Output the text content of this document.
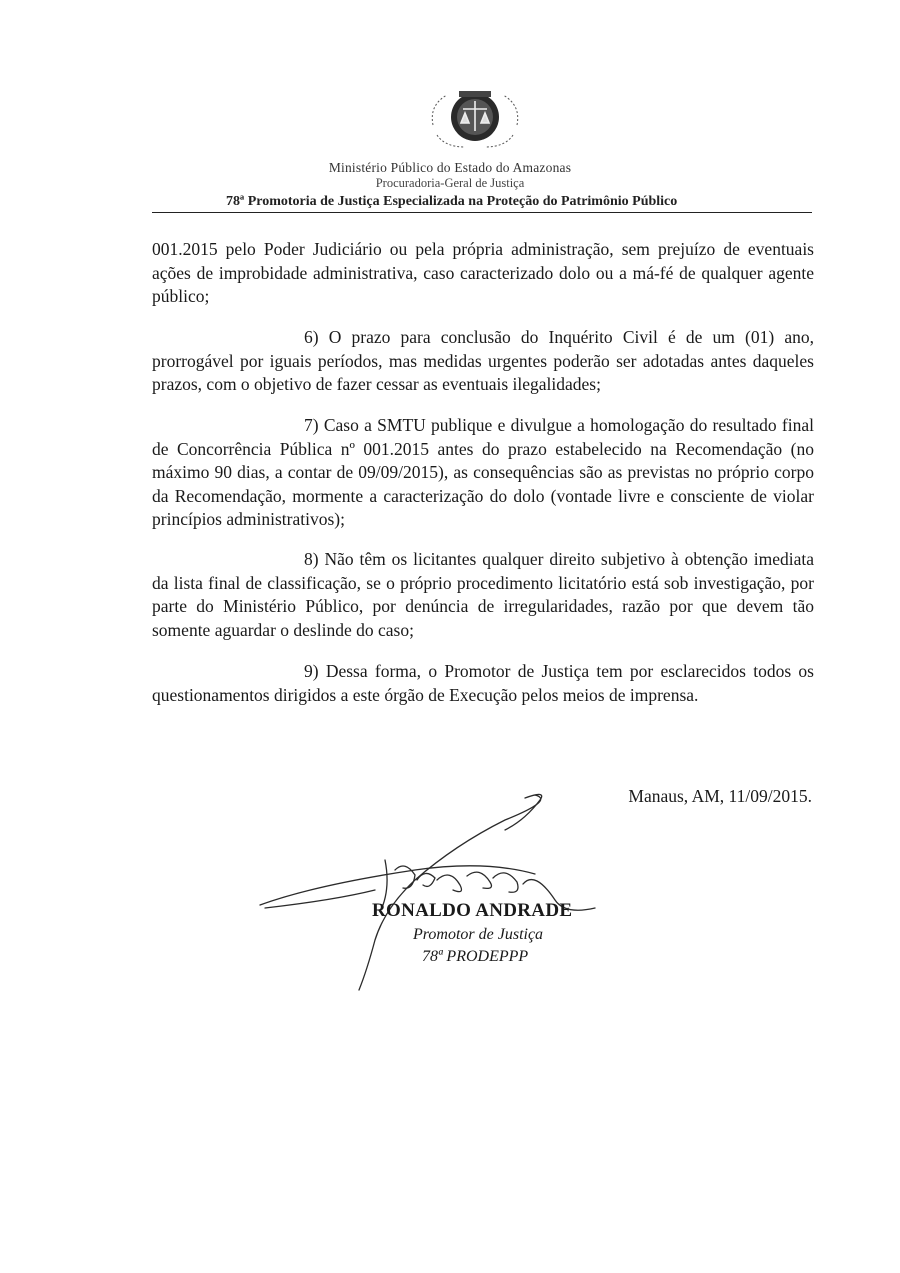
Ministério Público do Estado do Amazonas
Procuradoria-Geral de Justiça
78ª Promotoria de Justiça Especializada na Proteção do Patrimônio Público

001.2015 pelo Poder Judiciário ou pela própria administração, sem prejuízo de eventuais ações de improbidade administrativa, caso caracterizado dolo ou a má-fé de qualquer agente público;

6) O prazo para conclusão do Inquérito Civil é de um (01) ano, prorrogável por iguais períodos, mas medidas urgentes poderão ser adotadas antes daqueles prazos, com o objetivo de fazer cessar as eventuais ilegalidades;

7) Caso a SMTU publique e divulgue a homologação do resultado final de Concorrência Pública nº 001.2015 antes do prazo estabelecido na Recomendação (no máximo 90 dias, a contar de 09/09/2015), as consequências são as previstas no próprio corpo da Recomendação, mormente a caracterização do dolo (vontade livre e consciente de violar princípios administrativos);

8) Não têm os licitantes qualquer direito subjetivo à obtenção imediata da lista final de classificação, se o próprio procedimento licitatório está sob investigação, por parte do Ministério Público, por denúncia de irregularidades, razão por que devem tão somente aguardar o deslinde do caso;

9) Dessa forma, o Promotor de Justiça tem por esclarecidos todos os questionamentos dirigidos a este órgão de Execução pelos meios de imprensa.

Manaus, AM, 11/09/2015.
RONALDO ANDRADE
Promotor de Justiça
78ª PRODEPPP
